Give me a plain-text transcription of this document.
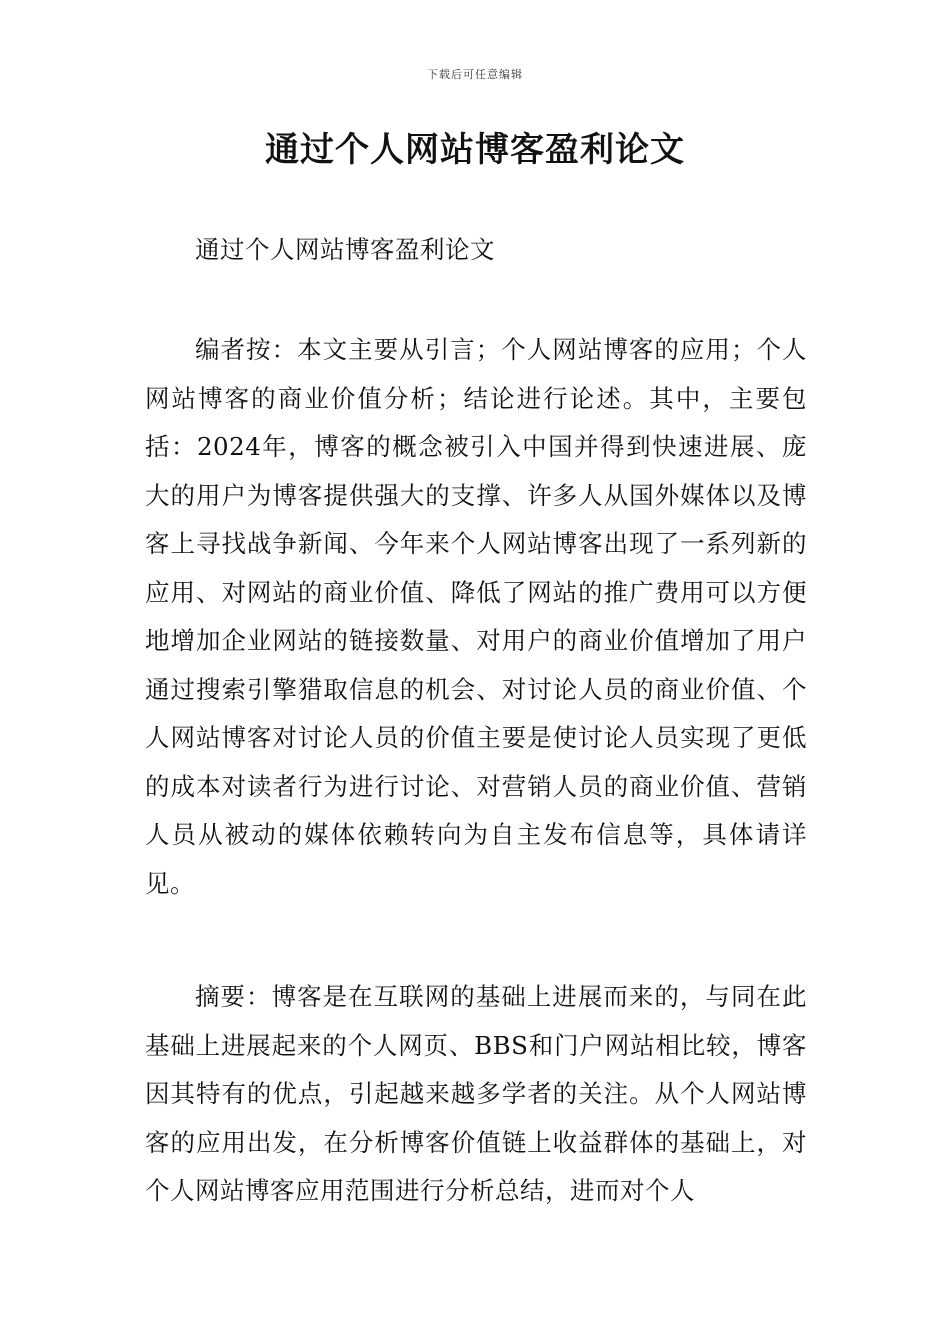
下载后可任意编辑
通过个人网站博客盈利论文

通过个人网站博客盈利论文

编者按：本文主要从引言；个人网站博客的应用；个人网站博客的商业价值分析；结论进行论述。其中，主要包括：2024年，博客的概念被引入中国并得到快速进展、庞大的用户为博客提供强大的支撑、许多人从国外媒体以及博客上寻找战争新闻、今年来个人网站博客出现了一系列新的应用、对网站的商业价值、降低了网站的推广费用可以方便地增加企业网站的链接数量、对用户的商业价值增加了用户通过搜索引擎猎取信息的机会、对讨论人员的商业价值、个人网站博客对讨论人员的价值主要是使讨论人员实现了更低的成本对读者行为进行讨论、对营销人员的商业价值、营销人员从被动的媒体依赖转向为自主发布信息等，具体请详见。

摘要：博客是在互联网的基础上进展而来的，与同在此基础上进展起来的个人网页、BBS和门户网站相比较，博客因其特有的优点，引起越来越多学者的关注。从个人网站博客的应用出发，在分析博客价值链上收益群体的基础上，对个人网站博客应用范围进行分析总结，进而对个人
